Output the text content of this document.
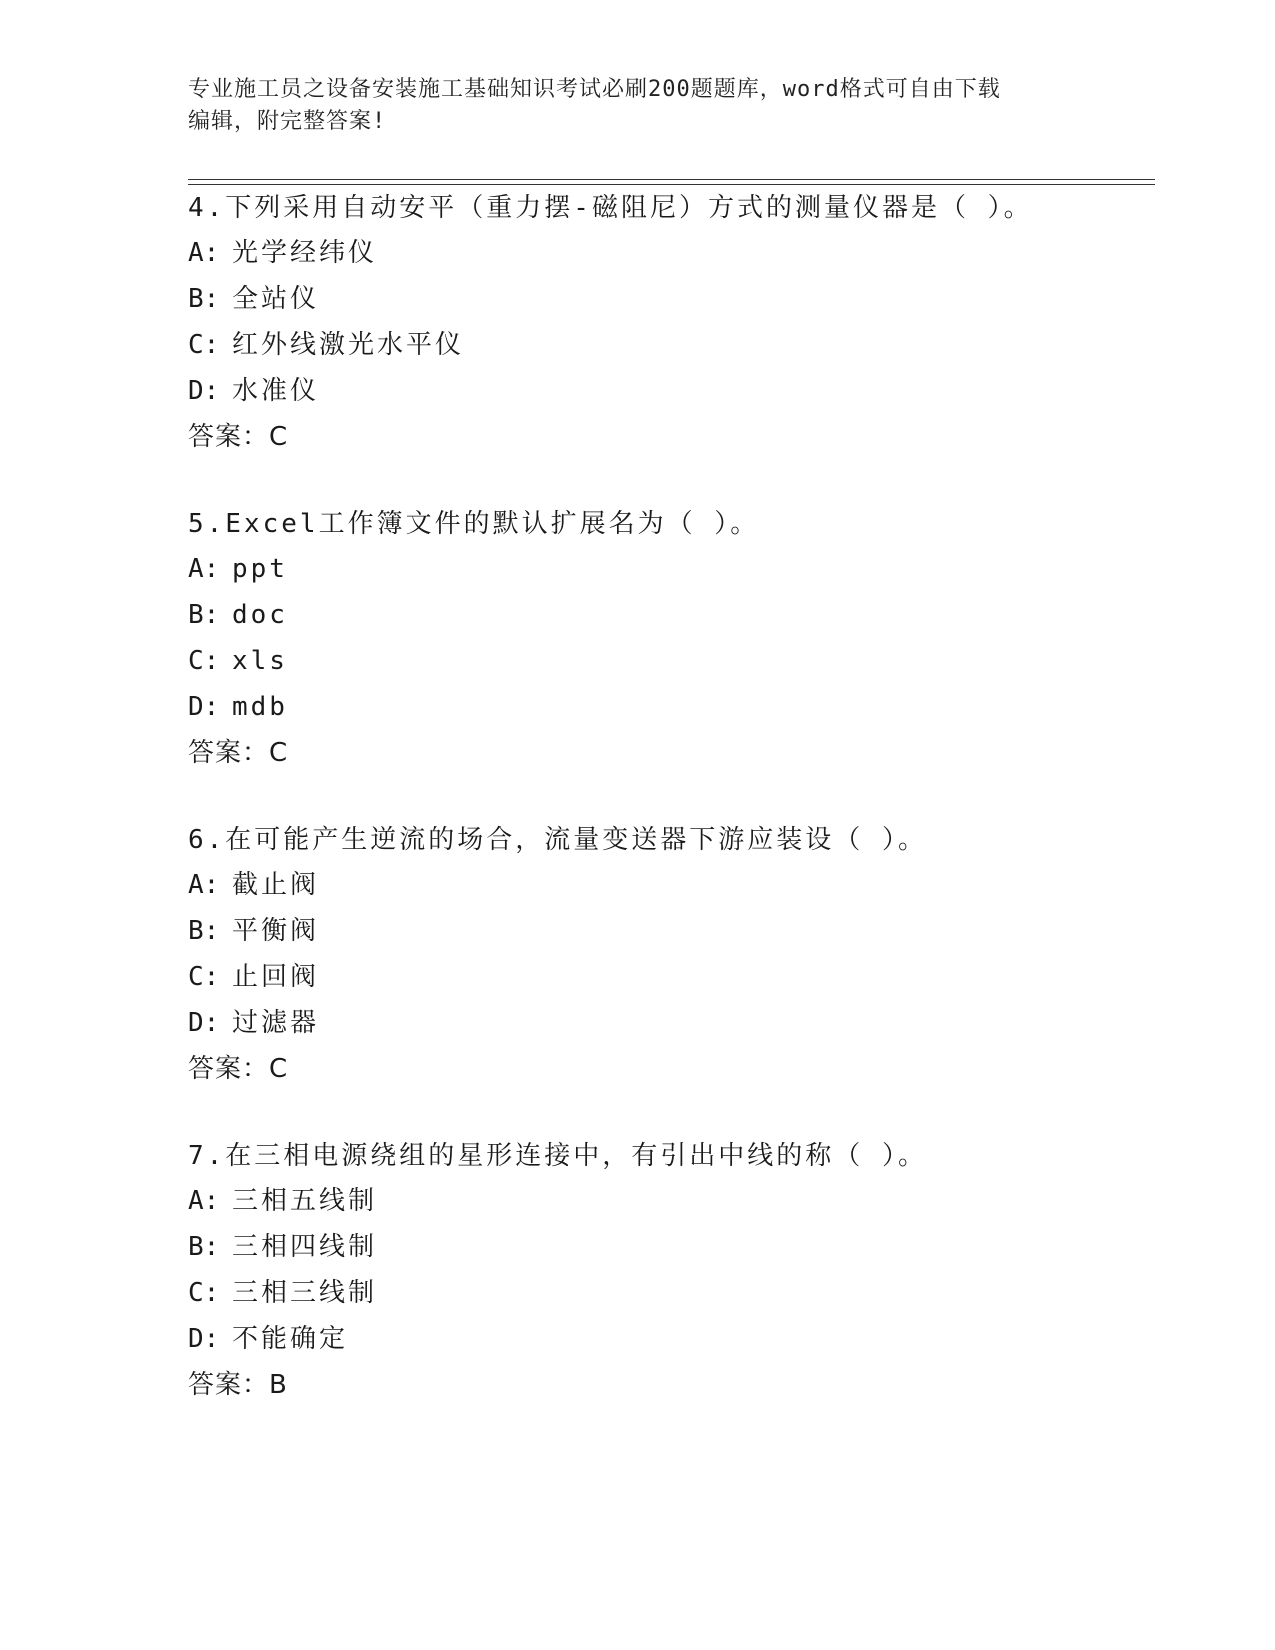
专业施工员之设备安装施工基础知识考试必刷200题题库，word格式可自由下载
编辑，附完整答案!
4.下列采用自动安平（重力摆-磁阻尼）方式的测量仪器是（ ）。
A: 光学经纬仪
B: 全站仪
C: 红外线激光水平仪
D: 水准仪
答案：C
5.Excel工作簿文件的默认扩展名为（ ）。
A: ppt
B: doc
C: xls
D: mdb
答案：C
6.在可能产生逆流的场合，流量变送器下游应装设（ ）。
A: 截止阀
B: 平衡阀
C: 止回阀
D: 过滤器
答案：C
7.在三相电源绕组的星形连接中，有引出中线的称（ ）。
A: 三相五线制
B: 三相四线制
C: 三相三线制
D: 不能确定
答案：B
